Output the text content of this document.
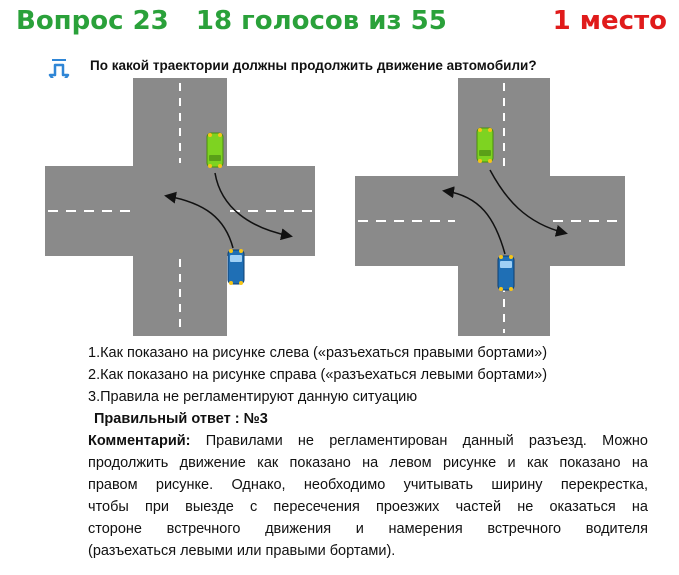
Вопрос 23 18 голосов из 55	1 место
По какой траектории должны продолжить движение автомобили?
1.Как показано на рисунке слева («разъехаться правыми бортами»)
2.Как показано на рисунке справа («разъехаться левыми бортами»)
3.Правила не регламентируют данную ситуацию
Правильный ответ : №3
Комментарий: Правилами не регламентирован данный разъезд. Можно
продолжить движение как показано на левом рисунке и как показано на
правом рисунке. Однако, необходимо учитывать ширину перекрестка,
чтобы при выезде с пересечения проезжих частей не оказаться на
стороне встречного движения и намерения встречного водителя
(разъехаться левыми или правыми бортами).
